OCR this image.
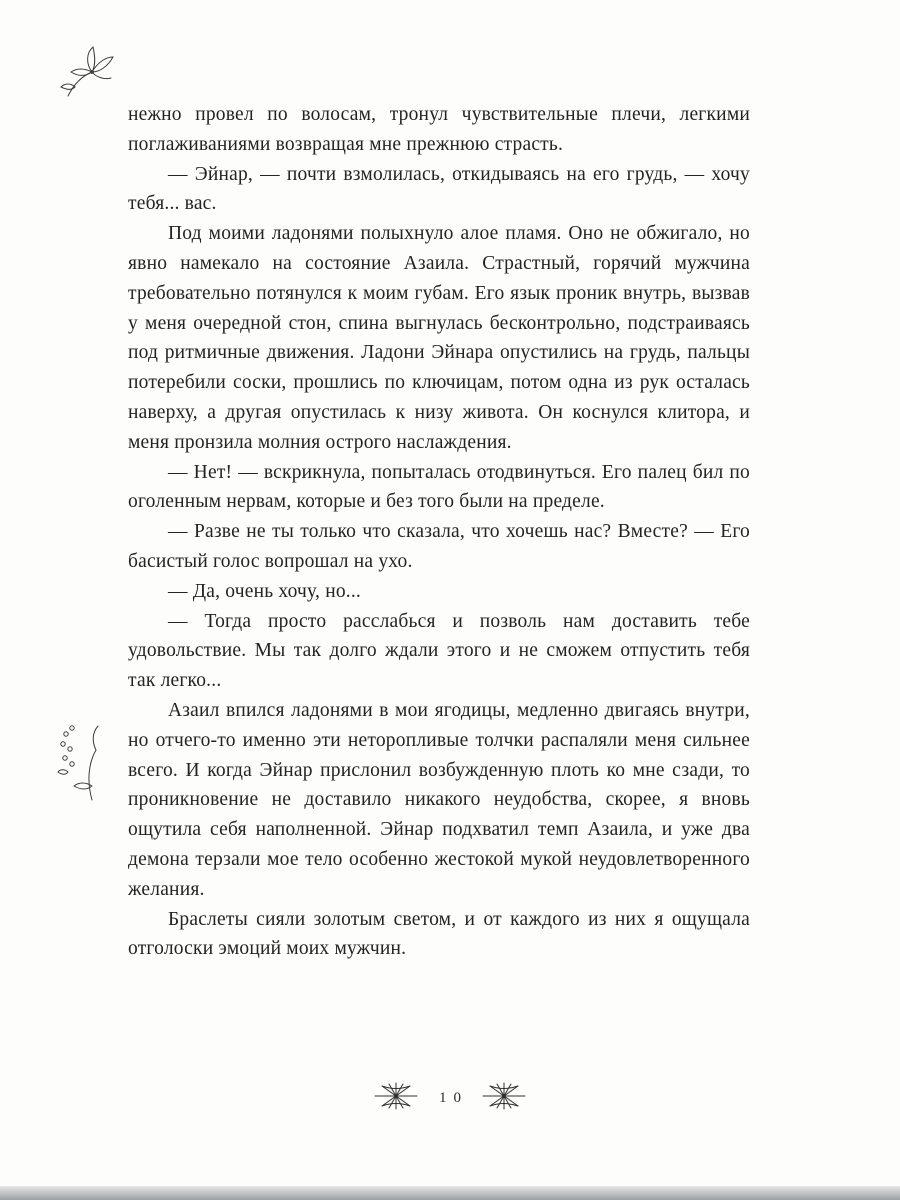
нежно провел по волосам, тронул чувствительные плечи, легкими поглаживаниями возвращая мне прежнюю страсть.

— Эйнар, — почти взмолилась, откидываясь на его грудь, — хочу тебя... вас.

Под моими ладонями полыхнуло алое пламя. Оно не обжигало, но явно намекало на состояние Азаила. Страстный, горячий мужчина требовательно потянулся к моим губам. Его язык проник внутрь, вызвав у меня очередной стон, спина выгнулась бесконтрольно, подстраиваясь под ритмичные движения. Ладони Эйнара опустились на грудь, пальцы потеребили соски, прошлись по ключицам, потом одна из рук осталась наверху, а другая опустилась к низу живота. Он коснулся клитора, и меня пронзила молния острого наслаждения.

— Нет! — вскрикнула, попыталась отодвинуться. Его палец бил по оголенным нервам, которые и без того были на пределе.

— Разве не ты только что сказала, что хочешь нас? Вместе? — Его басистый голос вопрошал на ухо.

— Да, очень хочу, но...

— Тогда просто расслабься и позволь нам доставить тебе удовольствие. Мы так долго ждали этого и не сможем отпустить тебя так легко...

Азаил впился ладонями в мои ягодицы, медленно двигаясь внутри, но отчего-то именно эти неторопливые толчки распаляли меня сильнее всего. И когда Эйнар прислонил возбужденную плоть ко мне сзади, то проникновение не доставило никакого неудобства, скорее, я вновь ощутила себя наполненной. Эйнар подхватил темп Азаила, и уже два демона терзали мое тело особенно жестокой мукой неудовлетворенного желания.

Браслеты сияли золотым светом, и от каждого из них я ощущала отголоски эмоций моих мужчин.

10
